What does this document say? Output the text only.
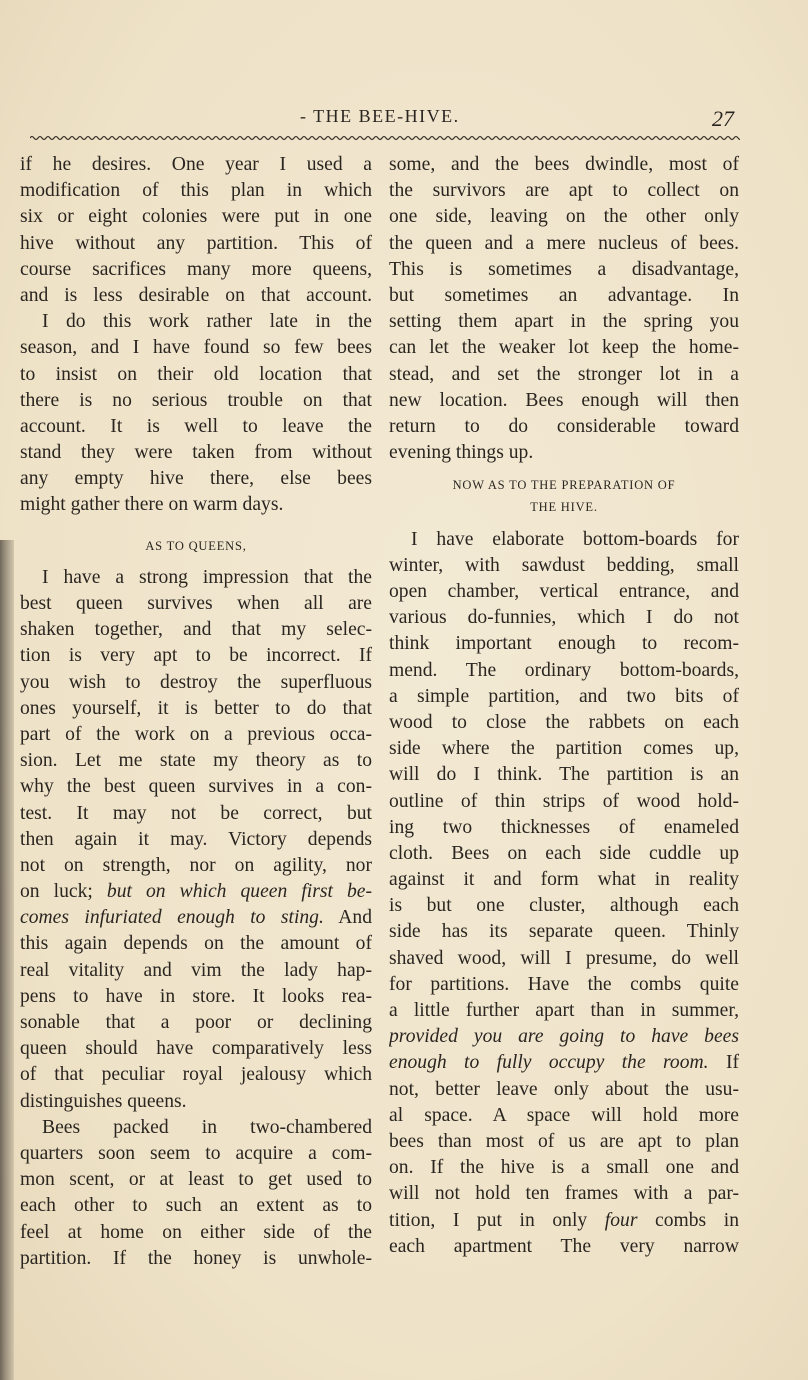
- THE BEE-HIVE.	27
if he desires. One year I used a
modification of this plan in which
six or eight colonies were put in one
hive without any partition. This of
course sacrifices many more queens,
and is less desirable on that account.
I do this work rather late in the
season, and I have found so few bees
to insist on their old location that
there is no serious trouble on that
account. It is well to leave the
stand they were taken from without
any empty hive there, else bees
might gather there on warm days.
AS TO QUEENS,
I have a strong impression that the
best queen survives when all are
shaken together, and that my selec-
tion is very apt to be incorrect. If
you wish to destroy the superfluous
ones yourself, it is better to do that
part of the work on a previous occa-
sion. Let me state my theory as to
why the best queen survives in a con-
test. It may not be correct, but
then again it may. Victory depends
not on strength, nor on agility, nor
on luck; but on which queen first be-
comes infuriated enough to sting. And
this again depends on the amount of
real vitality and vim the lady hap-
pens to have in store. It looks rea-
sonable that a poor or declining
queen should have comparatively less
of that peculiar royal jealousy which
distinguishes queens.
Bees packed in two-chambered
quarters soon seem to acquire a com-
mon scent, or at least to get used to
each other to such an extent as to
feel at home on either side of the
partition. If the honey is unwhole-
some, and the bees dwindle, most of
the survivors are apt to collect on
one side, leaving on the other only
the queen and a mere nucleus of bees.
This is sometimes a disadvantage,
but sometimes an advantage. In
setting them apart in the spring you
can let the weaker lot keep the home-
stead, and set the stronger lot in a
new location. Bees enough will then
return to do considerable toward
evening things up.
NOW AS TO THE PREPARATION OF
THE HIVE.
I have elaborate bottom-boards for
winter, with sawdust bedding, small
open chamber, vertical entrance, and
various do-funnies, which I do not
think important enough to recom-
mend. The ordinary bottom-boards,
a simple partition, and two bits of
wood to close the rabbets on each
side where the partition comes up,
will do I think. The partition is an
outline of thin strips of wood hold-
ing two thicknesses of enameled
cloth. Bees on each side cuddle up
against it and form what in reality
is but one cluster, although each
side has its separate queen. Thinly
shaved wood, will I presume, do well
for partitions. Have the combs quite
a little further apart than in summer,
provided you are going to have bees
enough to fully occupy the room. If
not, better leave only about the usu-
al space. A space will hold more
bees than most of us are apt to plan
on. If the hive is a small one and
will not hold ten frames with a par-
tition, I put in only four combs in
each apartment The very narrow
